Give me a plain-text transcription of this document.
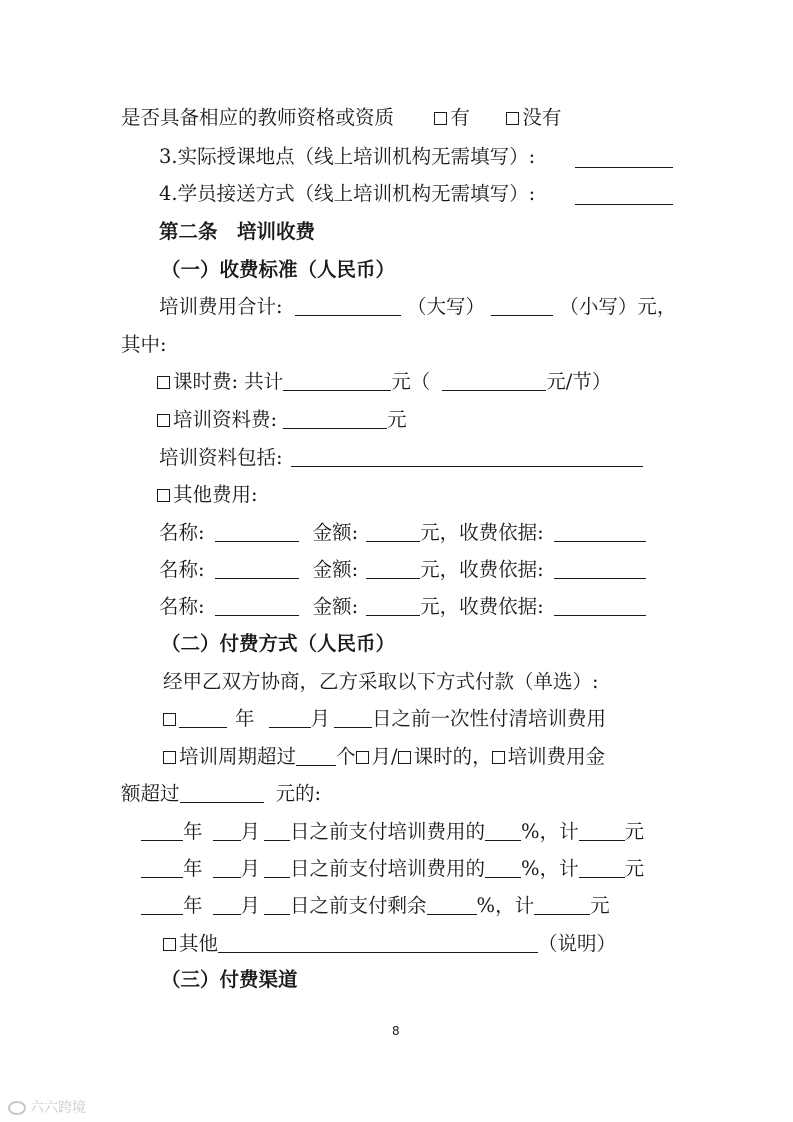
是否具备相应的教师资格或资质	有	没有
3.实际授课地点（线上培训机构无需填写）:
4.学员接送方式（线上培训机构无需填写）:
第二条　培训收费
（一）收费标准（人民币）
培训费用合计:	（大写）	（小写）元，
其中:
课时费: 共计	元（	元/节）
培训资料费:	元
培训资料包括:
其他费用:
名称:	金额:	元，收费依据:
名称:	金额:	元，收费依据:
名称:	金额:	元，收费依据:
（二）付费方式（人民币）
经甲乙双方协商，乙方采取以下方式付款（单选）:
年	月 日之前一次性付清培训费用
培训周期超过 个 月/ 课时的， 培训费用金
额超过	元的:
年 月 日之前支付培训费用的 %，计 元
年 月 日之前支付培训费用的 %，计 元
年 月 日之前支付剩余	%，计	元
其他	（说明）
（三）付费渠道
8
六六跨境
